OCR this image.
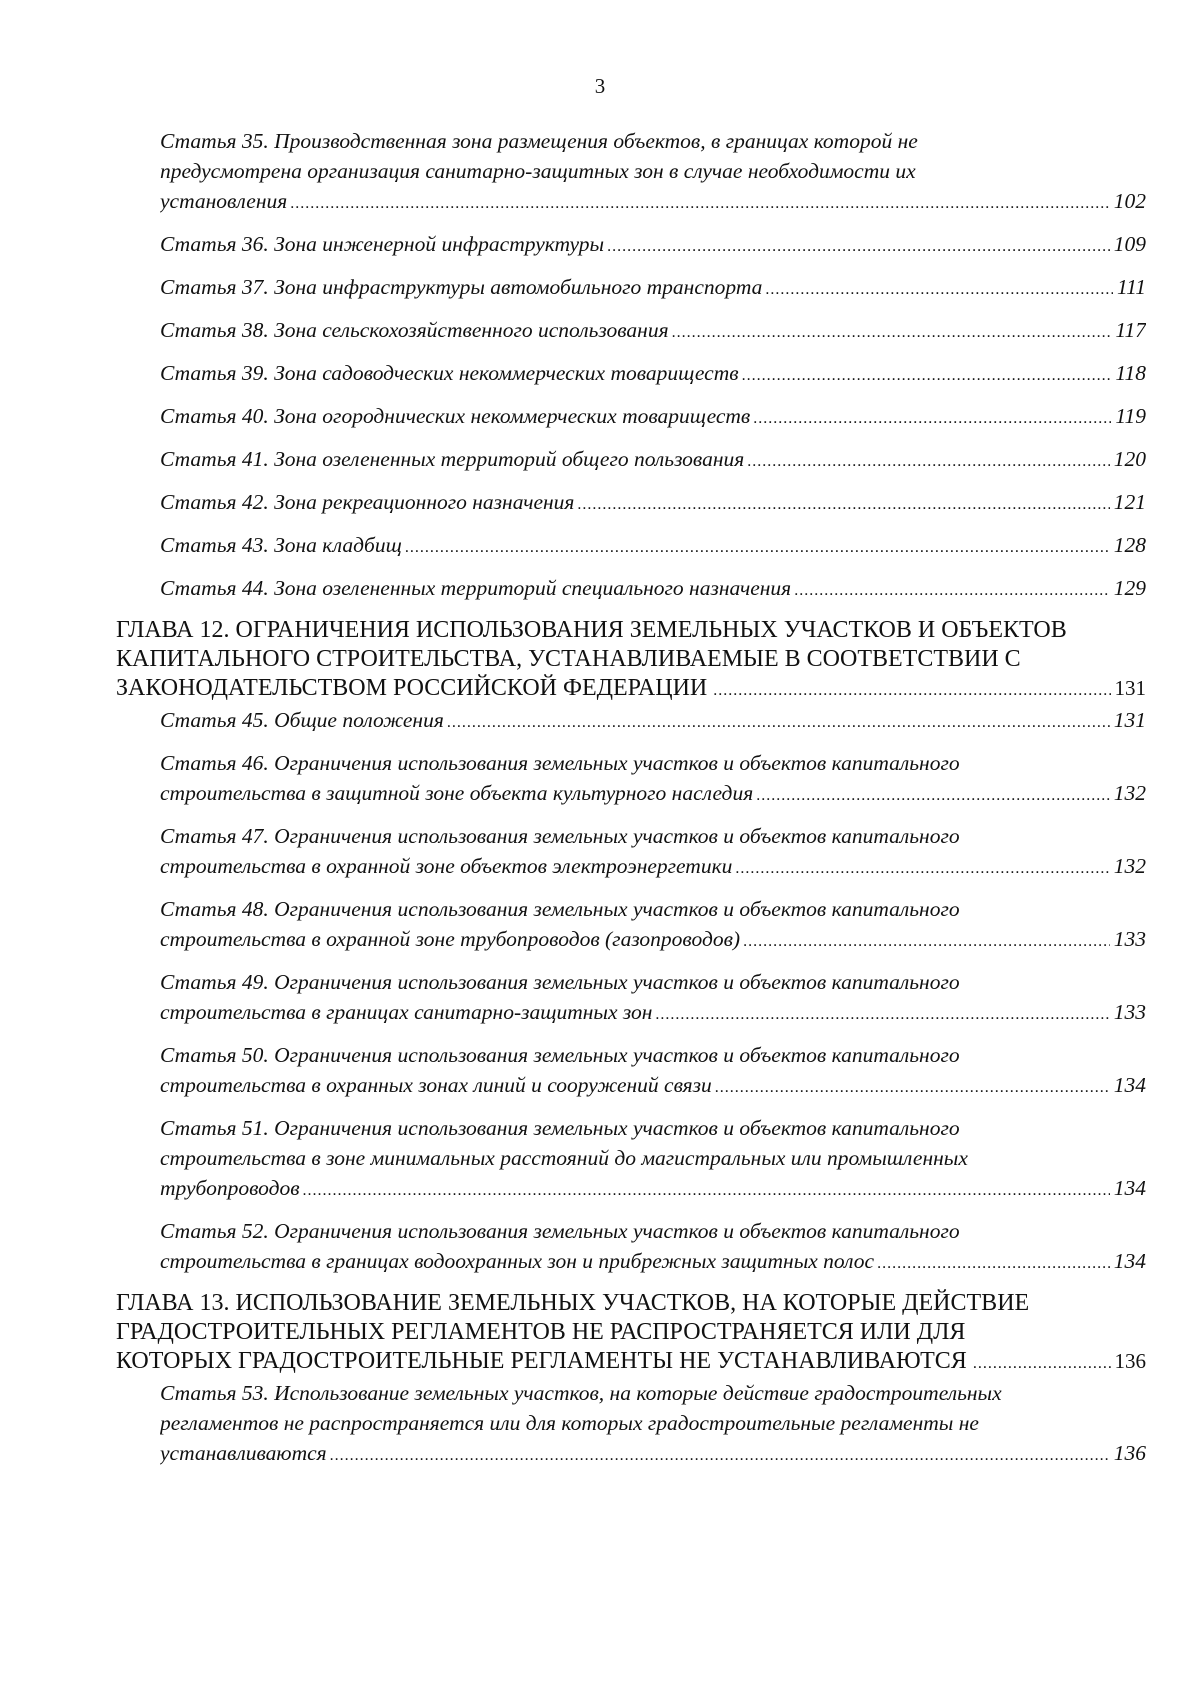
3
Статья 35. Производственная зона размещения объектов, в границах которой не
предусмотрена организация санитарно-защитных зон в случае необходимости их
установления .....	102
Статья 36. Зона инженерной инфраструктуры .....	109
Статья 37. Зона инфраструктуры автомобильного транспорта .....	111
Статья 38. Зона сельскохозяйственного использования .....	117
Статья 39. Зона садоводческих некоммерческих товариществ .....	118
Статья 40. Зона огороднических некоммерческих товариществ .....	119
Статья 41. Зона озелененных территорий общего пользования .....	120
Статья 42. Зона рекреационного назначения .....	121
Статья 43. Зона кладбищ .....	128
Статья 44. Зона озелененных территорий специального назначения .....	129
ГЛАВА 12. ОГРАНИЧЕНИЯ ИСПОЛЬЗОВАНИЯ ЗЕМЕЛЬНЫХ УЧАСТКОВ И ОБЪЕКТОВ
КАПИТАЛЬНОГО СТРОИТЕЛЬСТВА, УСТАНАВЛИВАЕМЫЕ В СООТВЕТСТВИИ С
ЗАКОНОДАТЕЛЬСТВОМ РОССИЙСКОЙ ФЕДЕРАЦИИ .....	131
Статья 45. Общие положения .....	131
Статья 46. Ограничения использования земельных участков и объектов капитального
строительства в защитной зоне объекта культурного наследия .....	132
Статья 47. Ограничения использования земельных участков и объектов капитального
строительства в охранной зоне объектов электроэнергетики .....	132
Статья 48. Ограничения использования земельных участков и объектов капитального
строительства в охранной зоне трубопроводов (газопроводов) .....	133
Статья 49. Ограничения использования земельных участков и объектов капитального
строительства в границах санитарно-защитных зон .....	133
Статья 50. Ограничения использования земельных участков и объектов капитального
строительства в охранных зонах линий и сооружений связи .....	134
Статья 51. Ограничения использования земельных участков и объектов капитального
строительства в зоне минимальных расстояний до магистральных или промышленных
трубопроводов .....	134
Статья 52. Ограничения использования земельных участков и объектов капитального
строительства в границах водоохранных зон и прибрежных защитных полос .....	134
ГЛАВА 13. ИСПОЛЬЗОВАНИЕ ЗЕМЕЛЬНЫХ УЧАСТКОВ, НА КОТОРЫЕ ДЕЙСТВИЕ
ГРАДОСТРОИТЕЛЬНЫХ РЕГЛАМЕНТОВ НЕ РАСПРОСТРАНЯЕТСЯ ИЛИ ДЛЯ
КОТОРЫХ ГРАДОСТРОИТЕЛЬНЫЕ РЕГЛАМЕНТЫ НЕ УСТАНАВЛИВАЮТСЯ .....	136
Статья 53. Использование земельных участков, на которые действие градостроительных
регламентов не распространяется или для которых градостроительные регламенты не
устанавливаются .....	136
